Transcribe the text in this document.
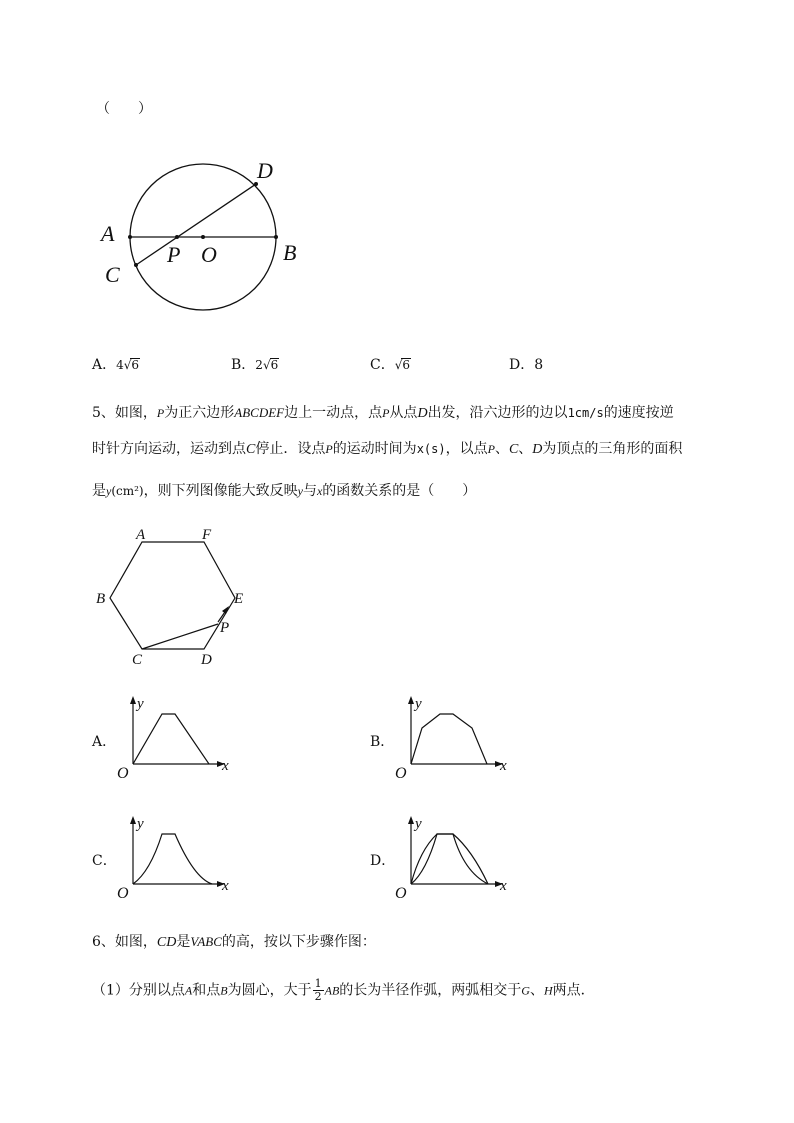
（　　）
A
B
C
D
P O
A．4√6	B．2√6	C．√6	D．8
5、如图，P为正六边形ABCDEF边上一动点，点P从点D出发，沿六边形的边以1cm/s的速度按逆
时针方向运动，运动到点C停止．设点P的运动时间为x(s)，以点P、C、D为顶点的三角形的面积
是y(cm²)，则下列图像能大致反映y与x的函数关系的是（　　）
A	F
B	E
P
C	D
A．
y
x
O
B．
y
x
O
C．
y
x
O
D．
y
x
O
6、如图，CD是VABC的高，按以下步骤作图：
（1）分别以点A和点B为圆心，大于 $\frac{1}{2}$ AB的长为半径作弧，两弧相交于G、H两点．
